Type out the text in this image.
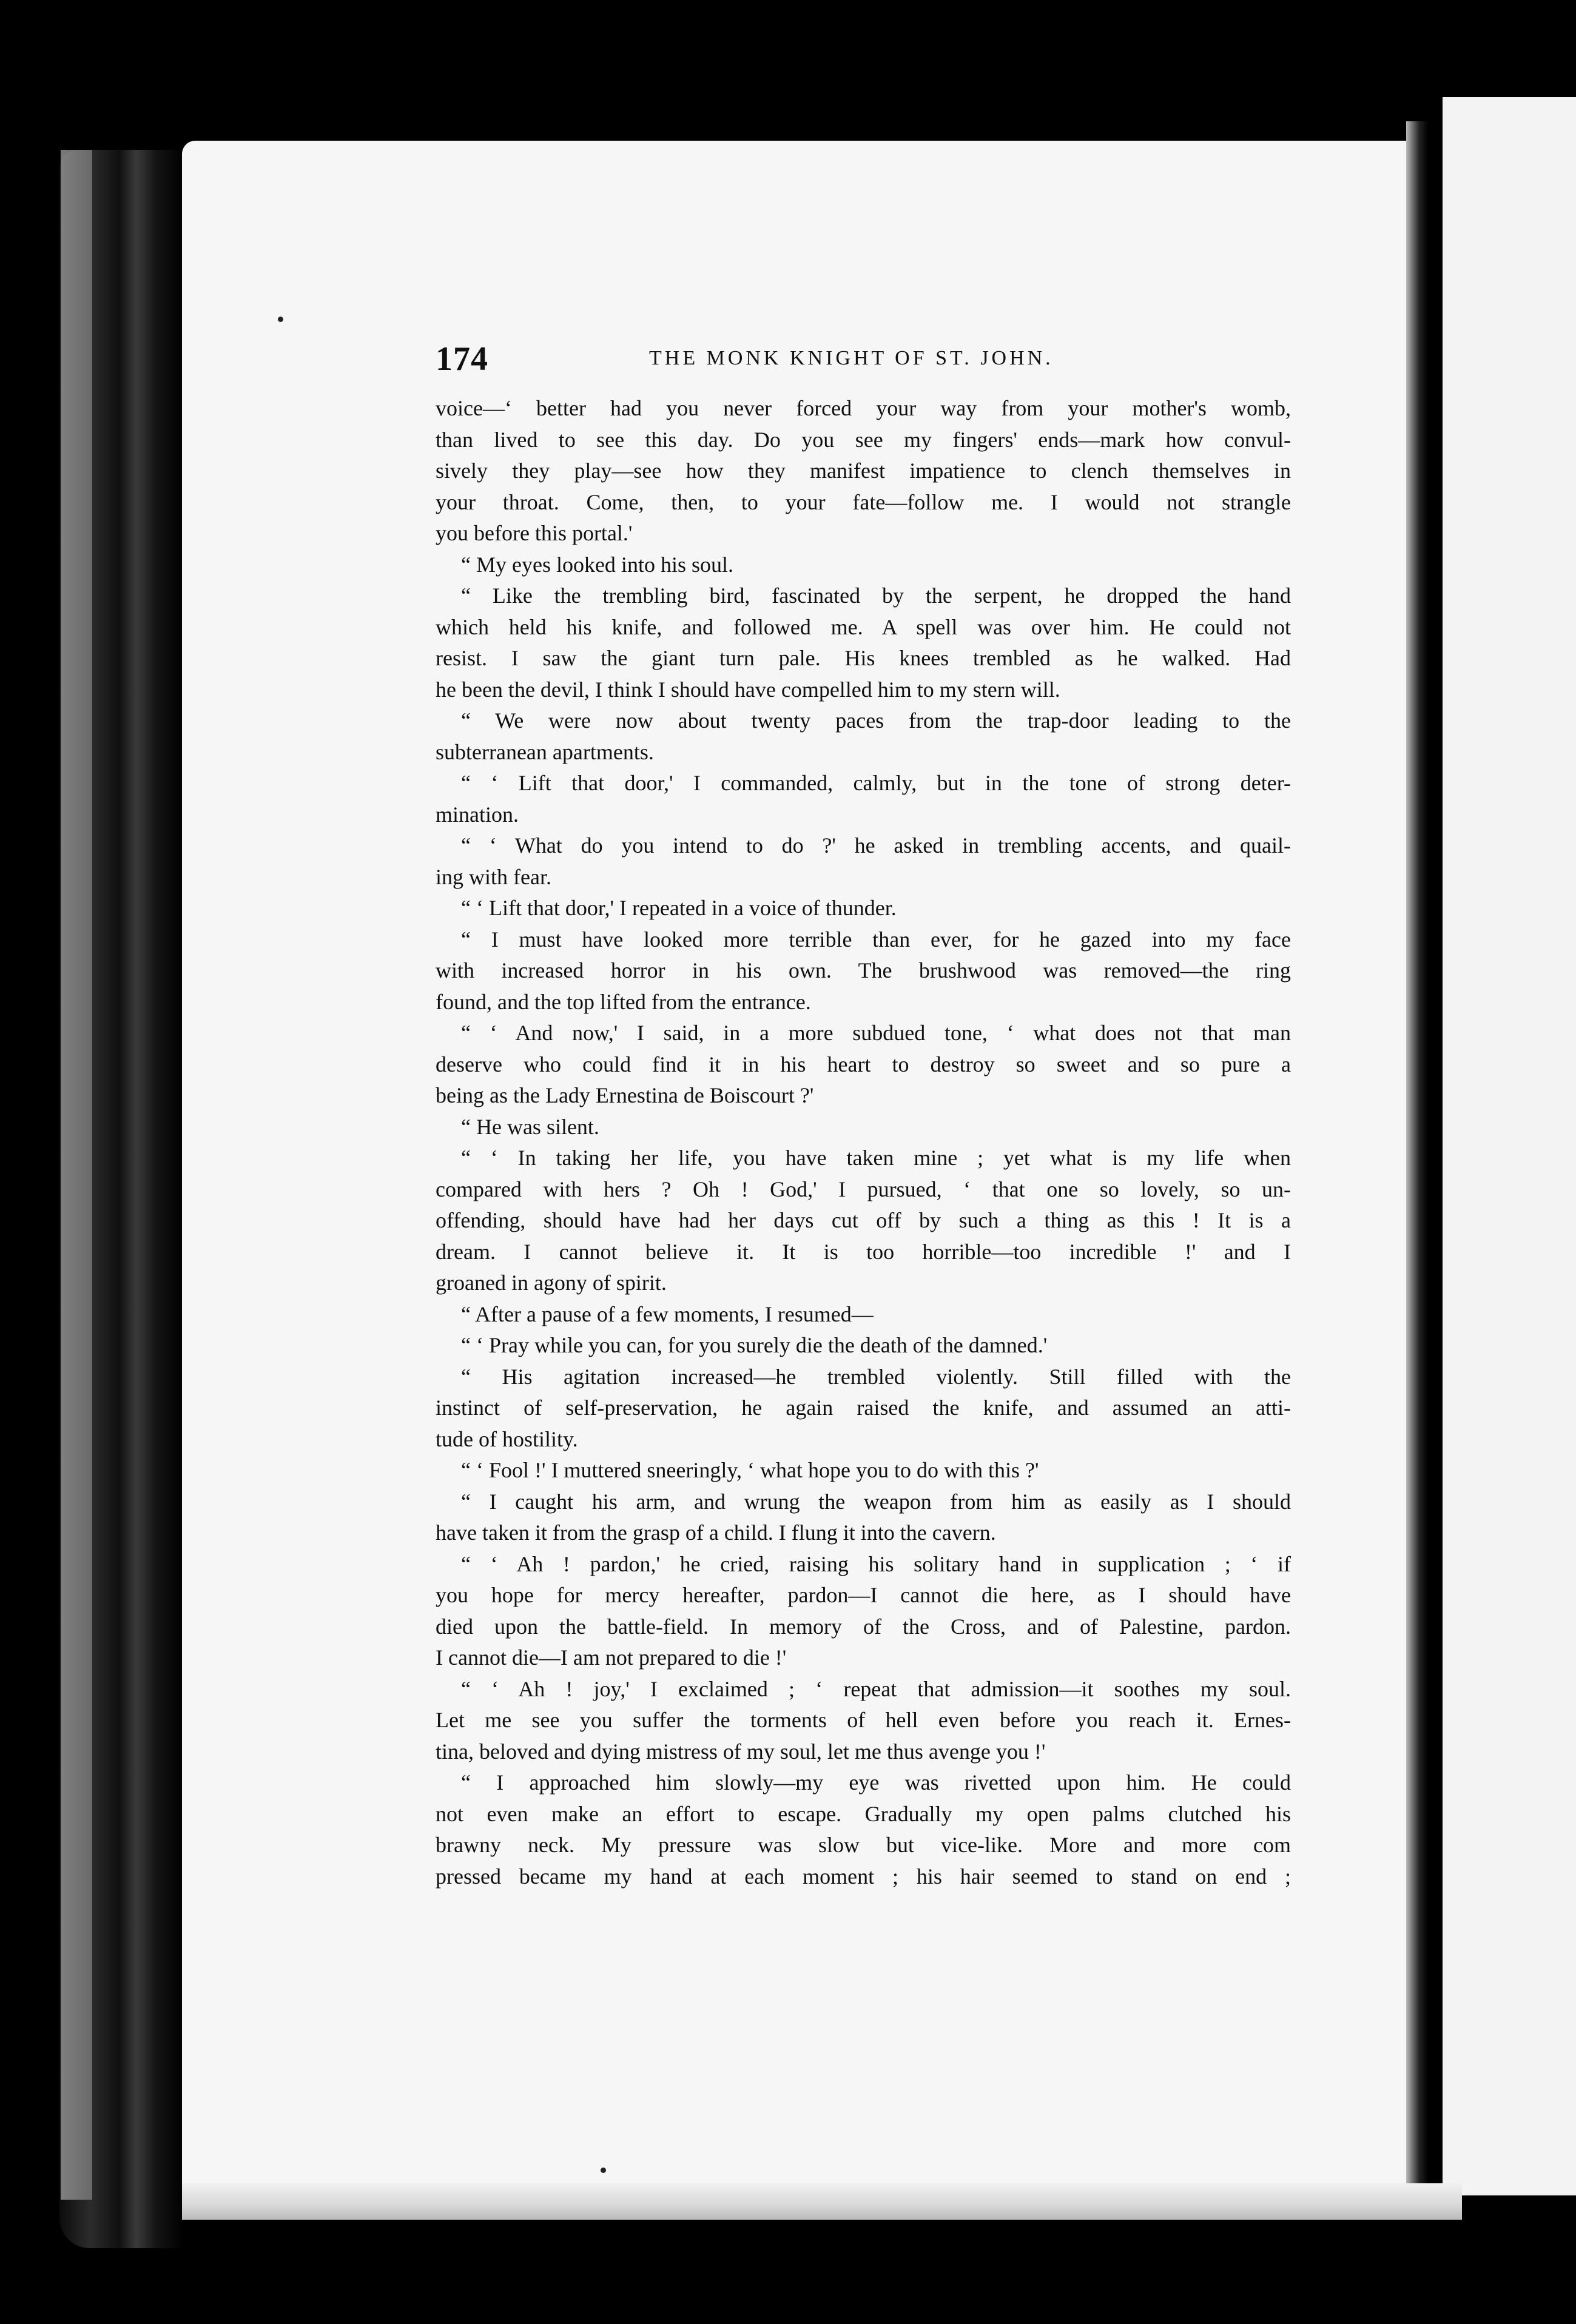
174	THE MONK KNIGHT OF ST. JOHN.
voice—‘ better had you never forced your way from your mother's womb,
than lived to see this day. Do you see my fingers' ends—mark how convul-
sively they play—see how they manifest impatience to clench themselves in
your throat. Come, then, to your fate—follow me. I would not strangle
you before this portal.'
“ My eyes looked into his soul.
“ Like the trembling bird, fascinated by the serpent, he dropped the hand
which held his knife, and followed me. A spell was over him. He could not
resist. I saw the giant turn pale. His knees trembled as he walked. Had
he been the devil, I think I should have compelled him to my stern will.
“ We were now about twenty paces from the trap-door leading to the
subterranean apartments.
“ ‘ Lift that door,' I commanded, calmly, but in the tone of strong deter-
mination.
“ ‘ What do you intend to do ?' he asked in trembling accents, and quail-
ing with fear.
“ ‘ Lift that door,' I repeated in a voice of thunder.
“ I must have looked more terrible than ever, for he gazed into my face
with increased horror in his own. The brushwood was removed—the ring
found, and the top lifted from the entrance.
“ ‘ And now,' I said, in a more subdued tone, ‘ what does not that man
deserve who could find it in his heart to destroy so sweet and so pure a
being as the Lady Ernestina de Boiscourt ?'
“ He was silent.
“ ‘ In taking her life, you have taken mine ; yet what is my life when
compared with hers ? Oh ! God,' I pursued, ‘ that one so lovely, so un-
offending, should have had her days cut off by such a thing as this ! It is a
dream. I cannot believe it. It is too horrible—too incredible !' and I
groaned in agony of spirit.
“ After a pause of a few moments, I resumed—
“ ‘ Pray while you can, for you surely die the death of the damned.'
“ His agitation increased—he trembled violently. Still filled with the
instinct of self-preservation, he again raised the knife, and assumed an atti-
tude of hostility.
“ ‘ Fool !' I muttered sneeringly, ‘ what hope you to do with this ?'
“ I caught his arm, and wrung the weapon from him as easily as I should
have taken it from the grasp of a child. I flung it into the cavern.
“ ‘ Ah ! pardon,' he cried, raising his solitary hand in supplication ; ‘ if
you hope for mercy hereafter, pardon—I cannot die here, as I should have
died upon the battle-field. In memory of the Cross, and of Palestine, pardon.
I cannot die—I am not prepared to die !'
“ ‘ Ah ! joy,' I exclaimed ; ‘ repeat that admission—it soothes my soul.
Let me see you suffer the torments of hell even before you reach it. Ernes-
tina, beloved and dying mistress of my soul, let me thus avenge you !'
“ I approached him slowly—my eye was rivetted upon him. He could
not even make an effort to escape. Gradually my open palms clutched his
brawny neck. My pressure was slow but vice-like. More and more com
pressed became my hand at each moment ; his hair seemed to stand on end ;
